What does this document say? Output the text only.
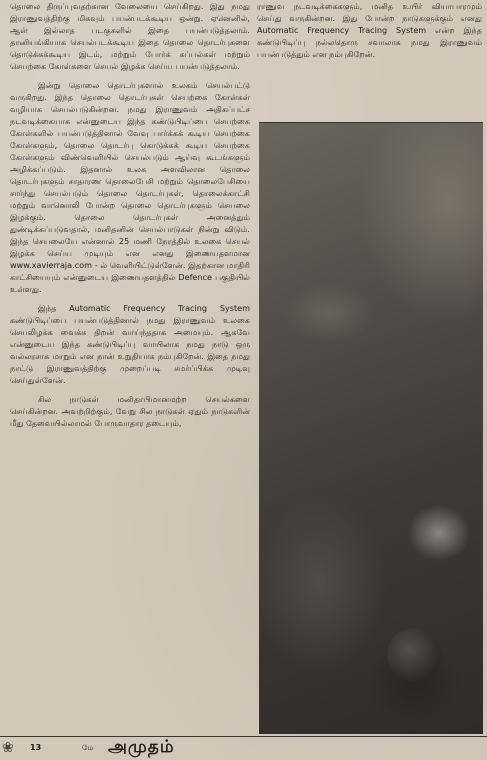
தொலை திருப்புவதற்கான வேலையை செய்கிறது. இது நமது இராணுவத்திற்கு மிகவும் பயன்படக்கூடிய ஒன்று. ஏனெனில், ஆள் இல்லாத படகுகளில் இதை பயன்படுத்தலாம். தானியங்கியாக செயல்படக்கூடிய இதை தொலை தொடர்புகளை தொடுக்கக்கூடிய இடம், மற்றும் போர்க் கப்பல்கள் மற்றும் செயற்கை கோள்களை செயல் இழக்க செய்ய பயன்படுத்தலாம்.

இன்று தொலை தொடர்புகளால் உலகம் செயல்பட்டு வருகிறது. இந்த தொலை தொடர்புகள் செயற்கை கோள்கள் வழியாக செயல்படுகின்றன. நமது இராணுவம் அதிகப்பட்ச நடவடிக்கையாக என்னுடைய இந்த கண்டுபிடிப்பை செயற்கை கோள்களில் பயன்படுத்தினால் வேவு பார்க்கக் கூடிய செயற்கை கோள்களும், தொலை தொடர்பு கொடுக்கக் கூடிய செயற்கை கோள்களும் விண்வெளியில் செயல்படும் ஆய்வு கூடங்களும் அழிக்கப்படும். இதனால் உலக அளவிலான தொலை தொடர்புகளும் சாதாரண தொலைபேசி மற்றும் தொலைபேசியை சார்ந்து செயல்படும் தொலை தொடர்புகள், தொலைக்காட்சி மற்றும் வானொலி போன்ற தொலை தொடர்புகளும் செயலை இழக்கும். தொலை தொடர்புகள் அனைத்தும் துண்டிக்கப்படுவதால், மனிதனின் செயல்பாடுகள் நின்று விடும். இந்த செயலையே என்னால் 25 மணி நேரத்தில் உலகை செயல் இழக்க செய்ய முடியும் என எனது இணையதளமான www.xavierraja.com - ல் வெளியிட்டுள்ளேன். இதற்கான மாதிரி காட்சியையும் என்னுடைய இணையதளத்தில் Defence பகுதியில் உள்ளது.

இந்த Automatic Frequency Tracing System கண்டுபிடிப்பை பயன்படுத்தினால் நமது இராணுவம் உலகை செயலிழக்க வைக்க திறன் வாய்ந்ததாக அமையும். ஆகவே என்னுடைய இந்த கண்டுபிடிப்பு வாயிலாக நமது நாடு ஒரு வல்லரசாக மாறும் என நான் உறுதியாக நம்புகிறேன். இதை நமது நாட்டு இராணுவத்திற்கு முறைப்படி சமர்ப்பிக்க முடிவு செய்துள்ளேன்.

சில நாடுகள் மனிதாபிமானமற்ற செயல்களை செய்கின்றன. அவற்றிற்கும், வேறு சில நாடுகள் ஏதும் நாடுகளின் மீது தேவையில்லாமல் போருவாதார தடையும்,

ராணுவ நடவடிக்கைகளும், மனித உயிர் வியாபாரமும் செய்து வருகின்றன. இது போன்ற நாடுகளுக்கும் எனது Automatic Frequency Tracing System என்ற இந்த கண்டுபிடிப்பு நல்லதொரு சவாலாக நமது இராணுவம் பயன்படுத்தும் என நம்புகிறேன்.

❀ 13	மே அமுதம்
